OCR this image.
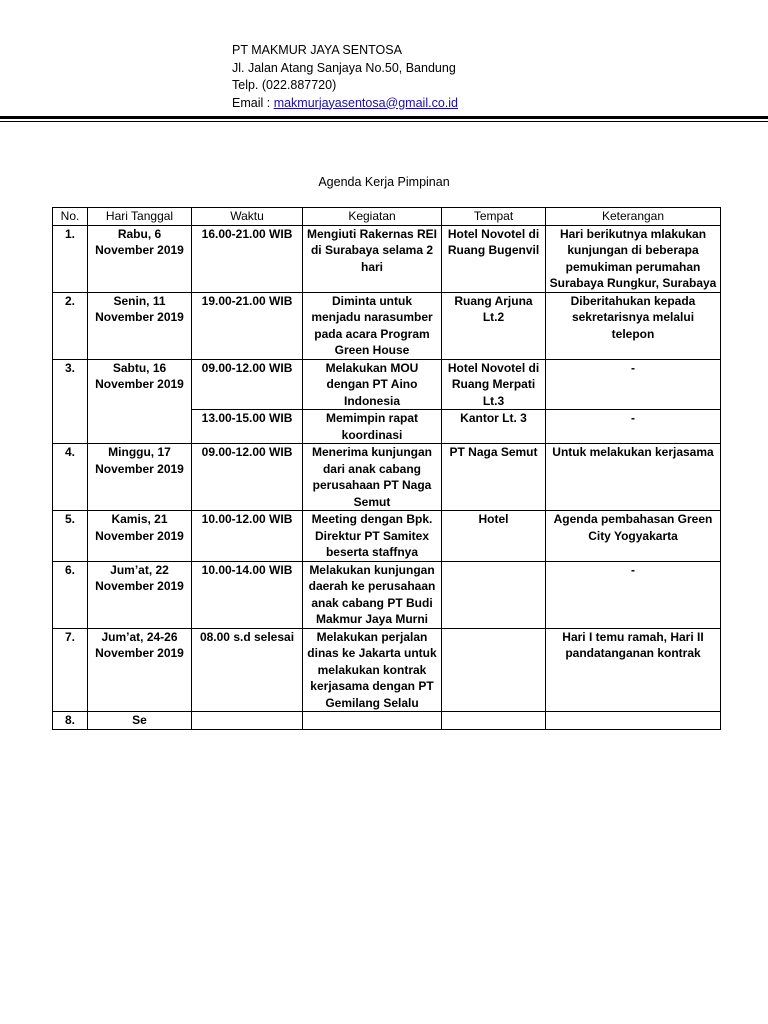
PT MAKMUR JAYA SENTOSA
Jl. Jalan Atang Sanjaya No.50, Bandung
Telp. (022.887720)
Email : makmurjayasentosa@gmail.co.id
Agenda Kerja Pimpinan
No.	Hari Tanggal	Waktu	Kegiatan	Tempat	Keterangan
1.	Rabu, 6 November 2019	16.00-21.00 WIB	Mengiuti Rakernas REI di Surabaya selama 2 hari	Hotel Novotel di Ruang Bugenvil	Hari berikutnya mlakukan kunjungan di beberapa pemukiman perumahan Surabaya Rungkur, Surabaya
2.	Senin, 11 November 2019	19.00-21.00 WIB	Diminta untuk menjadu narasumber pada acara Program Green House	Ruang Arjuna Lt.2	Diberitahukan kepada sekretarisnya melalui telepon
3.	Sabtu, 16 November 2019	09.00-12.00 WIB	Melakukan MOU dengan PT Aino Indonesia	Hotel Novotel di Ruang Merpati Lt.3	-
		13.00-15.00 WIB	Memimpin rapat koordinasi	Kantor Lt. 3	-
4.	Minggu, 17 November 2019	09.00-12.00 WIB	Menerima kunjungan dari anak cabang perusahaan PT Naga Semut	PT Naga Semut	Untuk melakukan kerjasama
5.	Kamis, 21 November 2019	10.00-12.00 WIB	Meeting dengan Bpk. Direktur PT Samitex beserta staffnya	Hotel	Agenda pembahasan Green City Yogyakarta
6.	Jum’at, 22 November 2019	10.00-14.00 WIB	Melakukan kunjungan daerah ke perusahaan anak cabang PT Budi Makmur Jaya Murni		-
7.	Jum’at, 24-26 November 2019	08.00 s.d selesai	Melakukan perjalan dinas ke Jakarta untuk melakukan kontrak kerjasama dengan PT Gemilang Selalu		Hari I temu ramah, Hari II pandatanganan kontrak
8.	Se				
